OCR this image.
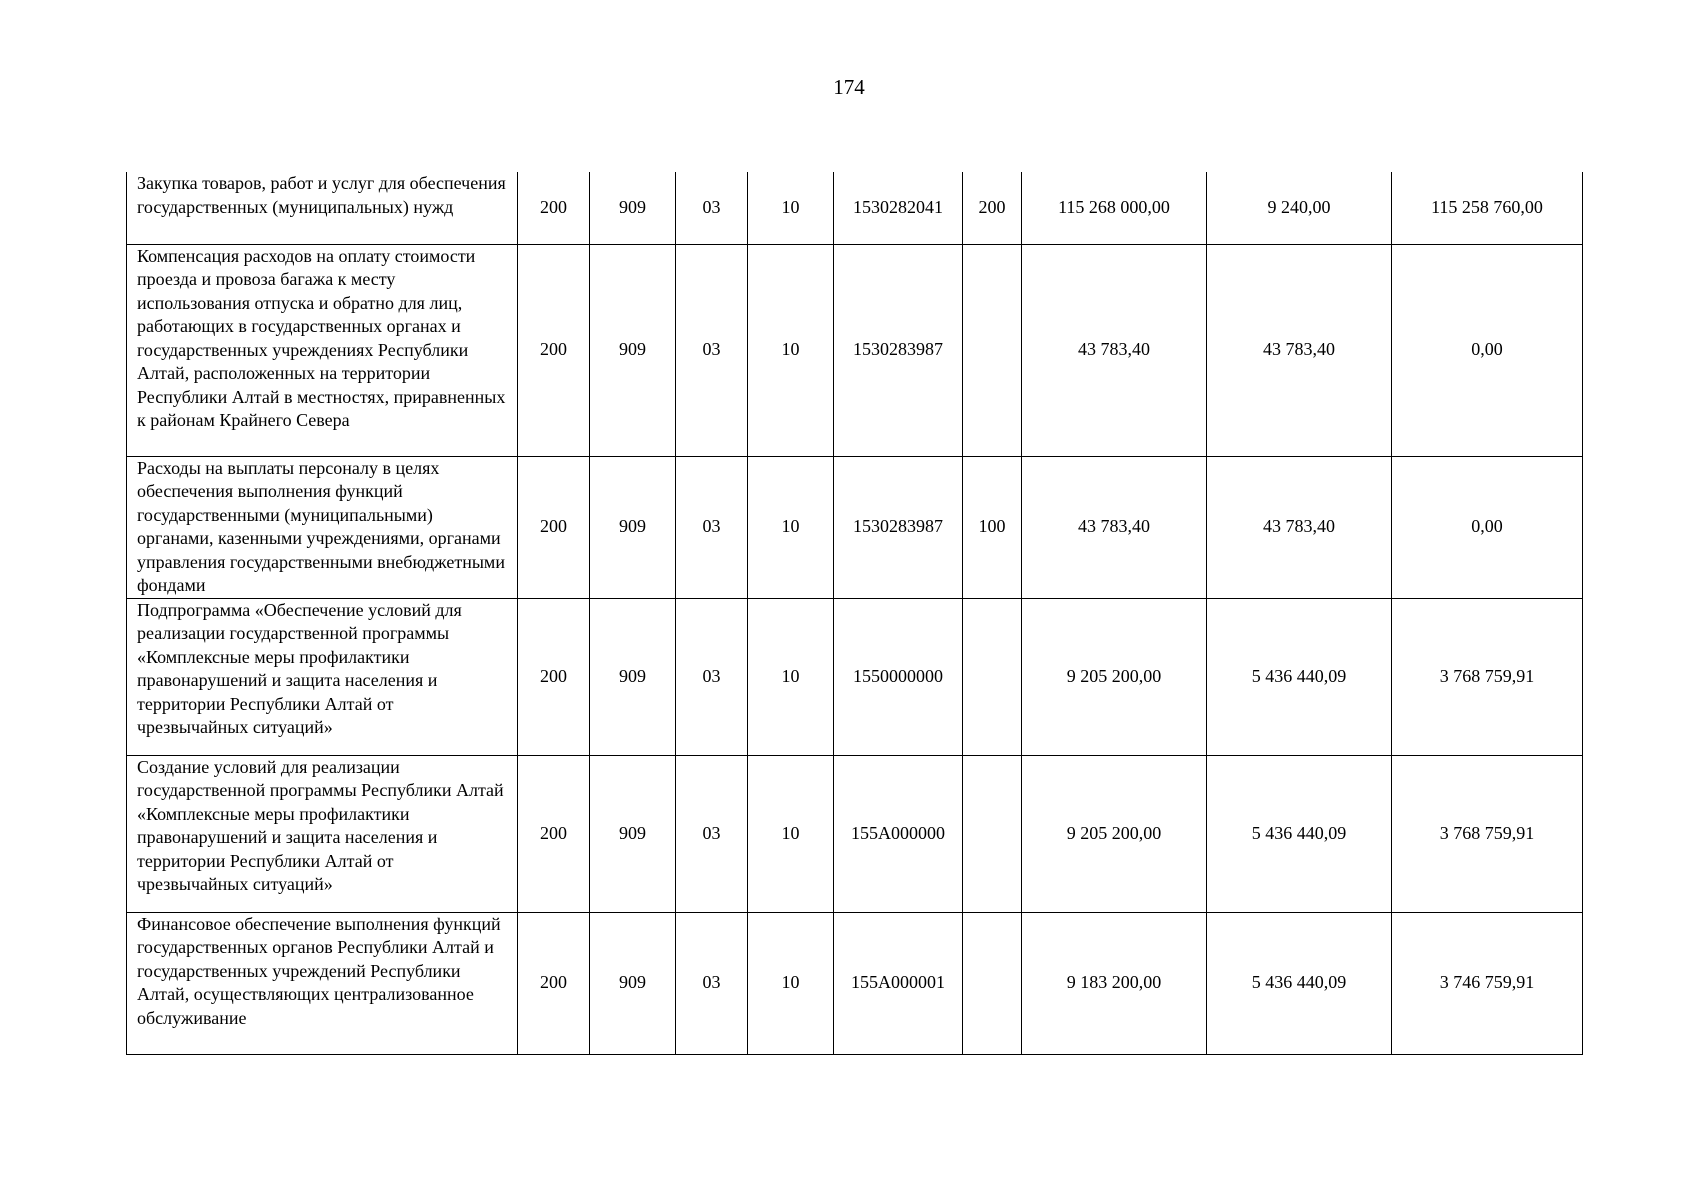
174
Закупка товаров, работ и услуг для обеспечения государственных (муниципальных) нужд	200	909	03	10	1530282041	200	115 268 000,00	9 240,00	115 258 760,00
Компенсация расходов на оплату стоимости проезда и провоза багажа к месту использования отпуска и обратно для лиц, работающих в государственных органах и государственных учреждениях Республики Алтай, расположенных на территории Республики Алтай в местностях, приравненных к районам Крайнего Севера	200	909	03	10	1530283987		43 783,40	43 783,40	0,00
Расходы на выплаты персоналу в целях обеспечения выполнения функций государственными (муниципальными) органами, казенными учреждениями, органами управления государственными внебюджетными фондами	200	909	03	10	1530283987	100	43 783,40	43 783,40	0,00
Подпрограмма «Обеспечение условий для реализации государственной программы «Комплексные меры профилактики правонарушений и защита населения и территории Республики Алтай от чрезвычайных ситуаций»	200	909	03	10	1550000000		9 205 200,00	5 436 440,09	3 768 759,91
Создание условий для реализации государственной программы Республики Алтай «Комплексные меры профилактики правонарушений и защита населения и территории Республики Алтай от чрезвычайных ситуаций»	200	909	03	10	155А000000		9 205 200,00	5 436 440,09	3 768 759,91
Финансовое обеспечение выполнения функций государственных органов Республики Алтай и государственных учреждений Республики Алтай, осуществляющих централизованное обслуживание	200	909	03	10	155А000001		9 183 200,00	5 436 440,09	3 746 759,91
